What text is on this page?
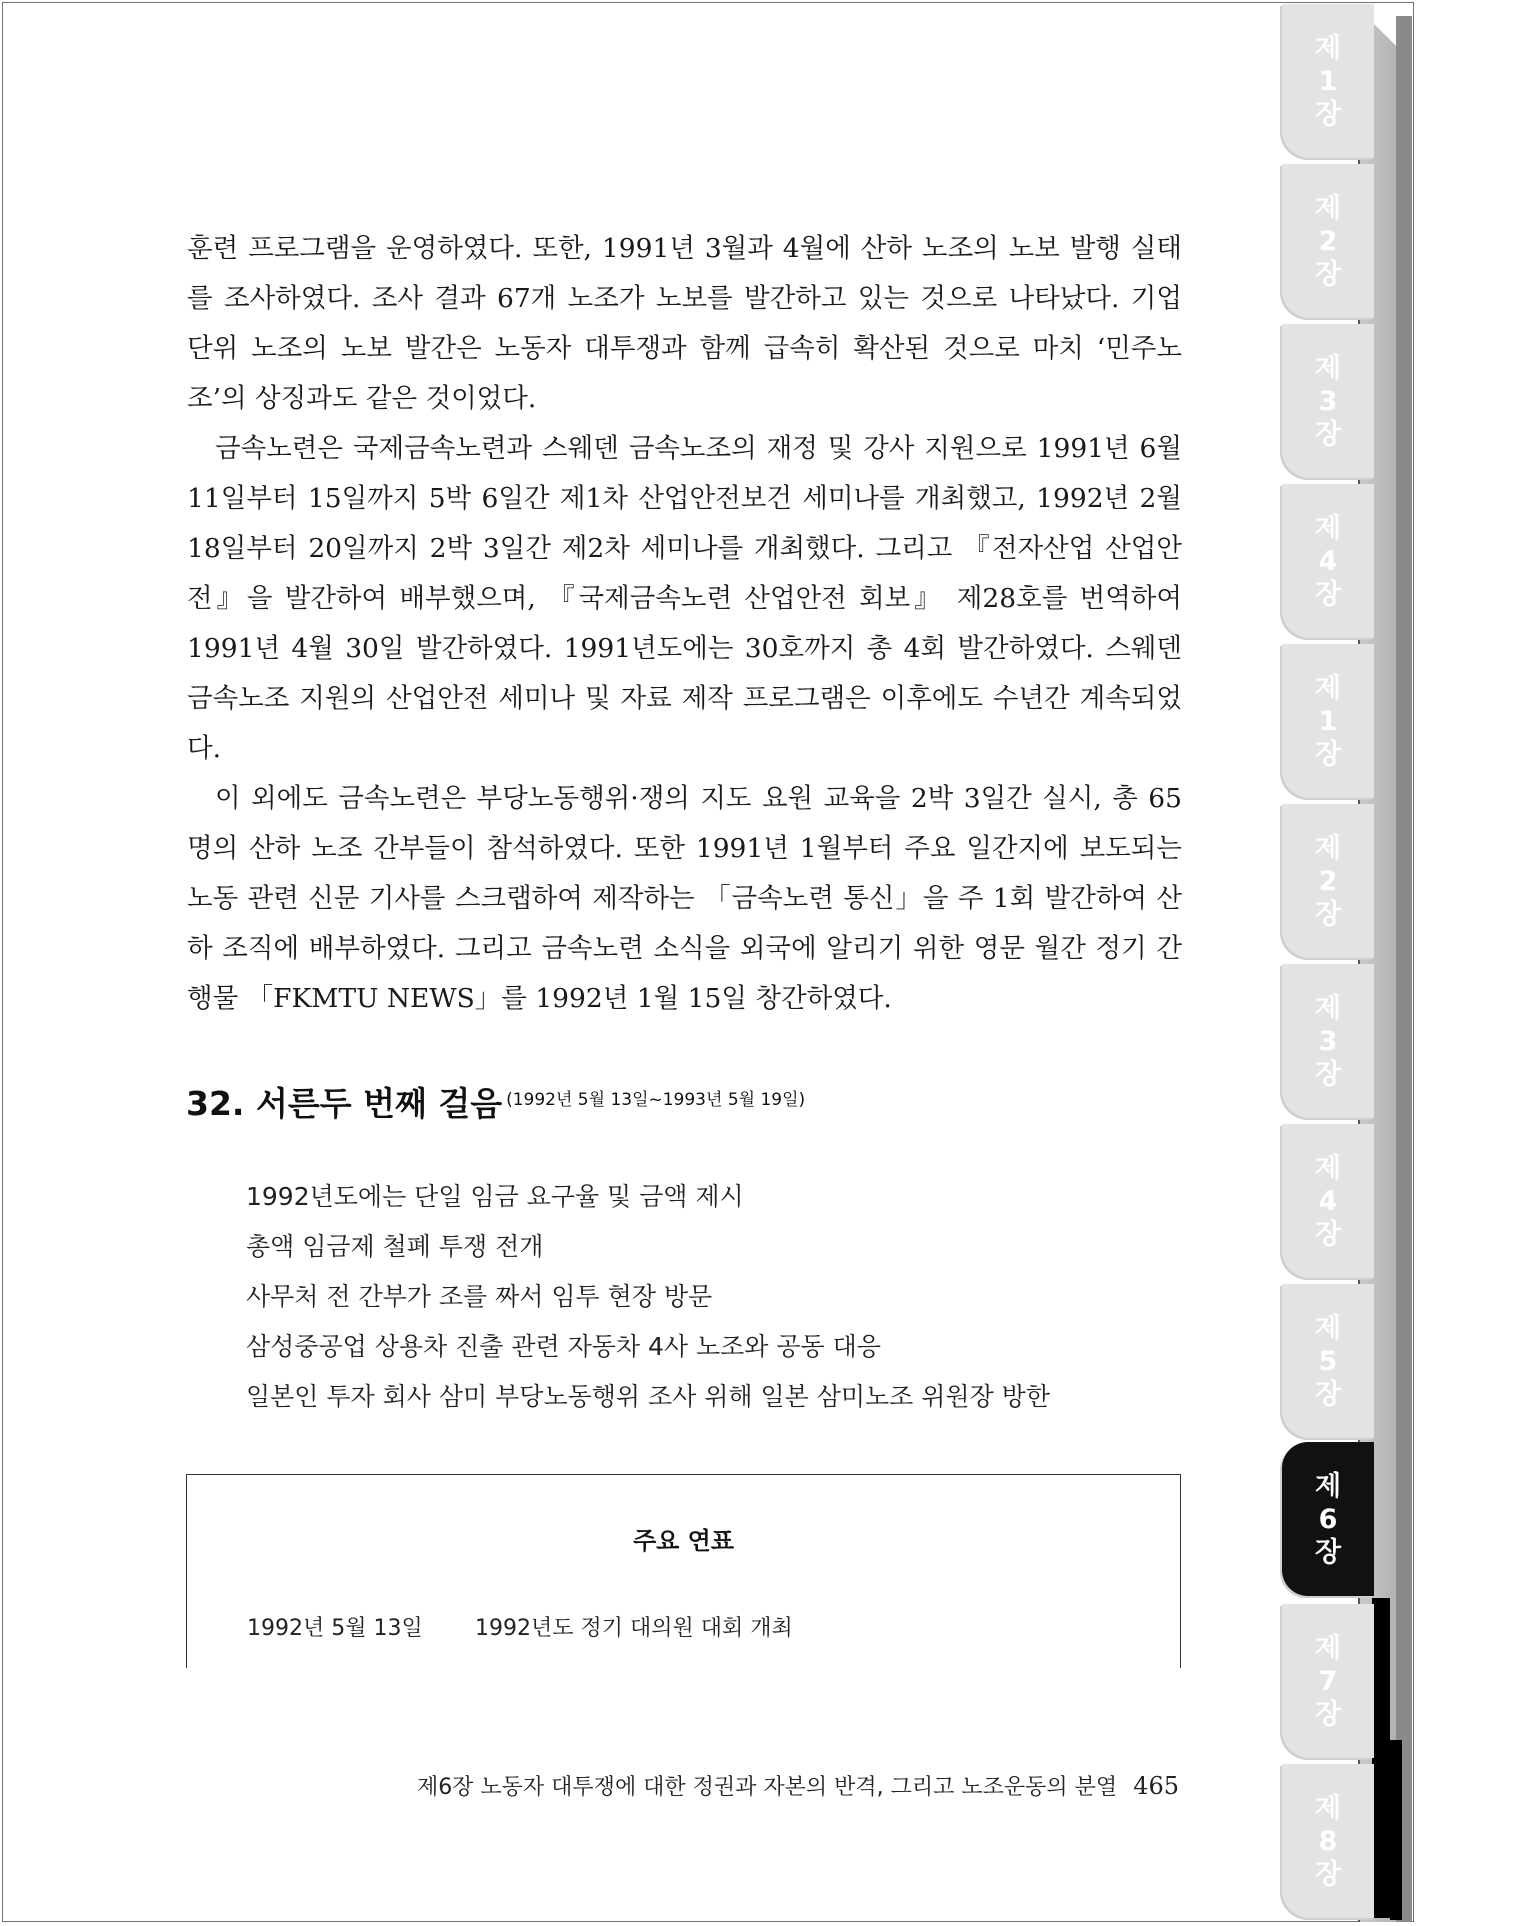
제
1
장
제
2
장
제
3
장
제
4
장
제
1
장
제
2
장
제
3
장
제
4
장
제
5
장
제
6
장
제
7
장
제
8
장

훈련 프로그램을 운영하였다. 또한, 1991년 3월과 4월에 산하 노조의 노보 발행 실태를 조사하였다. 조사 결과 67개 노조가 노보를 발간하고 있는 것으로 나타났다. 기업 단위 노조의 노보 발간은 노동자 대투쟁과 함께 급속히 확산된 것으로 마치 ‘민주노조’의 상징과도 같은 것이었다.

금속노련은 국제금속노련과 스웨덴 금속노조의 재정 및 강사 지원으로 1991년 6월 11일부터 15일까지 5박 6일간 제1차 산업안전보건 세미나를 개최했고, 1992년 2월 18일부터 20일까지 2박 3일간 제2차 세미나를 개최했다. 그리고 『전자산업 산업안전』을 발간하여 배부했으며, 『국제금속노련 산업안전 회보』 제28호를 번역하여 1991년 4월 30일 발간하였다. 1991년도에는 30호까지 총 4회 발간하였다. 스웨덴 금속노조 지원의 산업안전 세미나 및 자료 제작 프로그램은 이후에도 수년간 계속되었다.

이 외에도 금속노련은 부당노동행위·쟁의 지도 요원 교육을 2박 3일간 실시, 총 65명의 산하 노조 간부들이 참석하였다. 또한 1991년 1월부터 주요 일간지에 보도되는 노동 관련 신문 기사를 스크랩하여 제작하는 「금속노련 통신」을 주 1회 발간하여 산하 조직에 배부하였다. 그리고 금속노련 소식을 외국에 알리기 위한 영문 월간 정기 간행물 「FKMTU NEWS」를 1992년 1월 15일 창간하였다.

32. 서른두 번째 걸음 $^{(1992년 5월 13일\sim 1993년 5월 19일)}$
1992년도에는 단일 임금 요구율 및 금액 제시
총액 임금제 철폐 투쟁 전개
사무처 전 간부가 조를 짜서 임투 현장 방문
삼성중공업 상용차 진출 관련 자동차 4사 노조와 공동 대응
일본인 투자 회사 삼미 부당노동행위 조사 위해 일본 삼미노조 위원장 방한
주요 연표
1992년 5월 13일 1992년도 정기 대의원 대회 개최
제6장 노동자 대투쟁에 대한 정권과 자본의 반격, 그리고 노조운동의 분열 465
